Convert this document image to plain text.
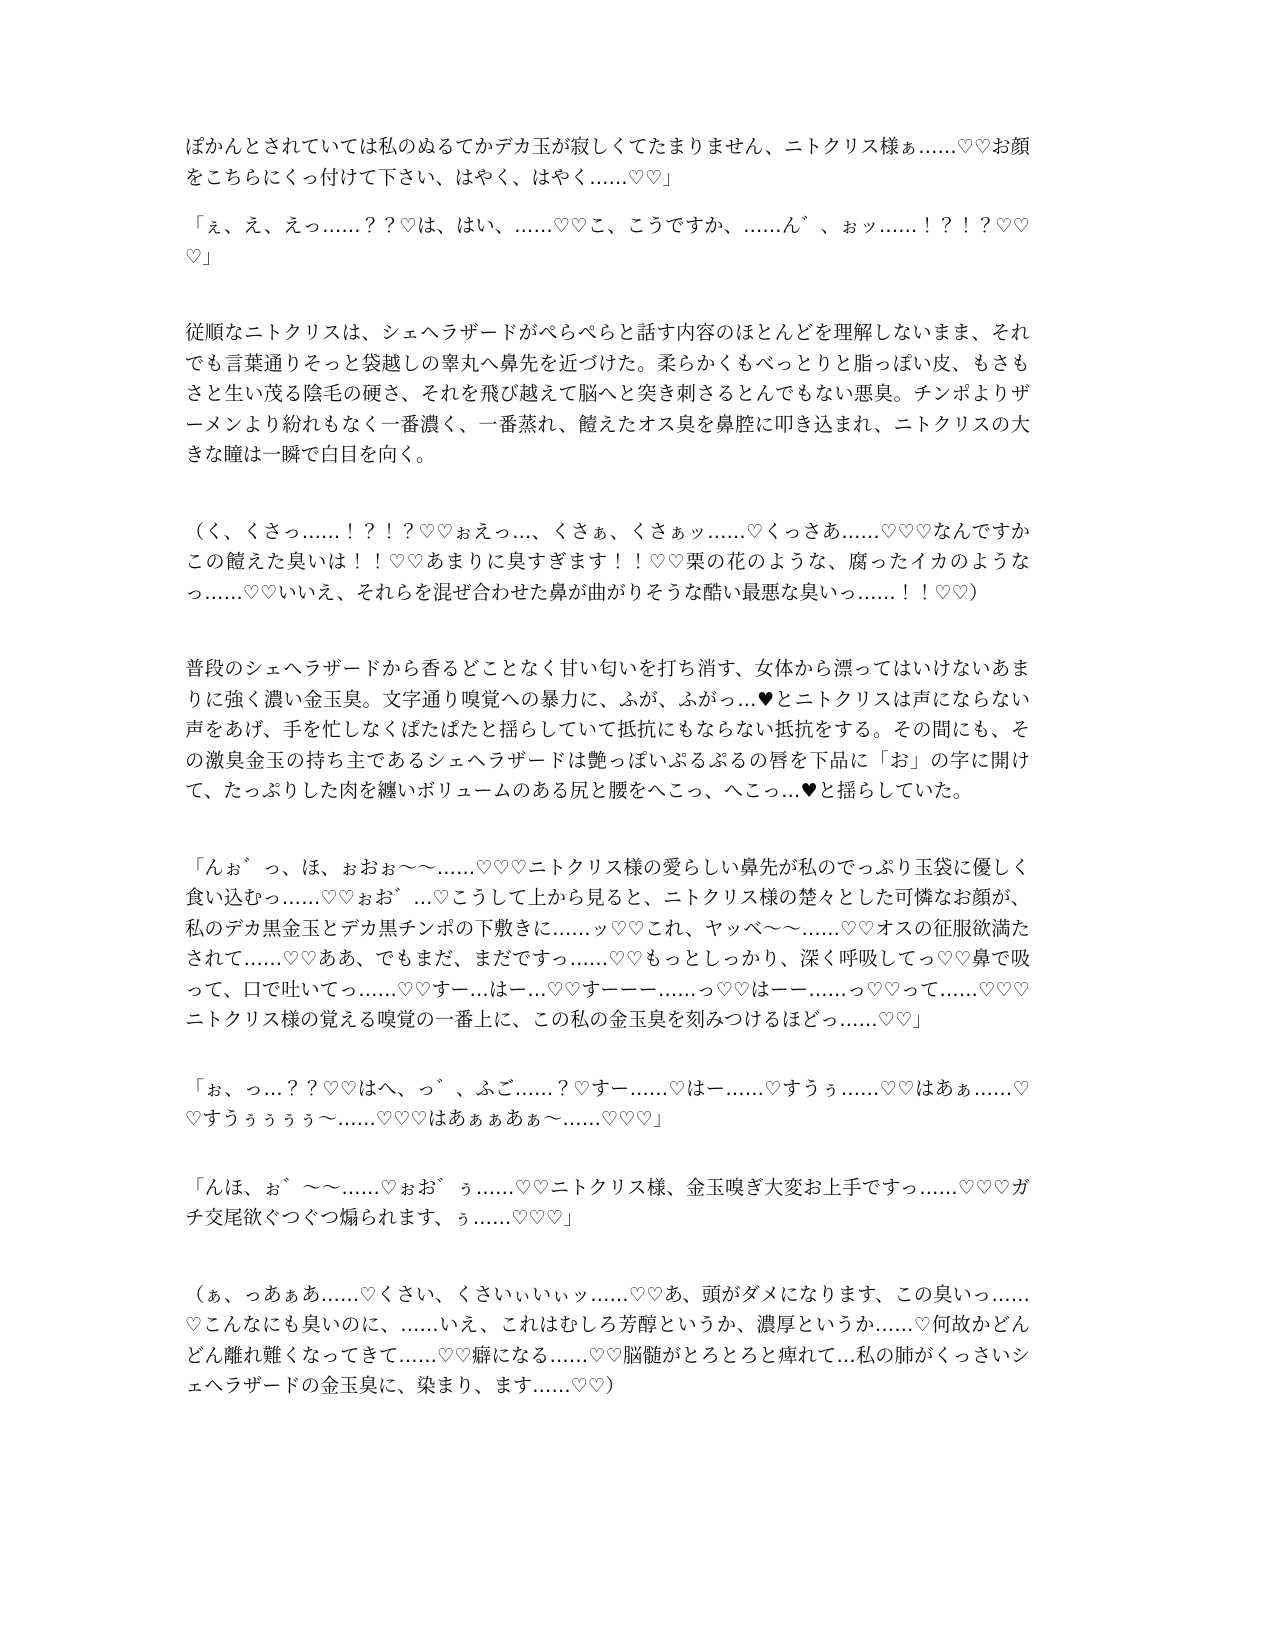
ぽかんとされていては私のぬるてかデカ玉が寂しくてたまりません、ニトクリス様ぁ……♡♡お顔をこちらにくっ付けて下さい、はやく、はやく……♡♡」

「ぇ、え、えっ……？？♡は、はい、……♡♡こ、こうですか、……ん゛、ぉッ……！？！？♡♡♡」

従順なニトクリスは、シェヘラザードがぺらぺらと話す内容のほとんどを理解しないまま、それでも言葉通りそっと袋越しの睾丸へ鼻先を近づけた。柔らかくもべっとりと脂っぽい皮、もさもさと生い茂る陰毛の硬さ、それを飛び越えて脳へと突き刺さるとんでもない悪臭。チンポよりザーメンより紛れもなく一番濃く、一番蒸れ、饐えたオス臭を鼻腔に叩き込まれ、ニトクリスの大きな瞳は一瞬で白目を向く。

（く、くさっ……！？！？♡♡ぉえっ…、くさぁ、くさぁッ……♡くっさあ……♡♡♡なんですかこの饐えた臭いは！！♡♡あまりに臭すぎます！！♡♡栗の花のような、腐ったイカのようなっ……♡♡いいえ、それらを混ぜ合わせた鼻が曲がりそうな酷い最悪な臭いっ……！！♡♡）

普段のシェヘラザードから香るどことなく甘い匂いを打ち消す、女体から漂ってはいけないあまりに強く濃い金玉臭。文字通り嗅覚への暴力に、ふが、ふがっ…♥とニトクリスは声にならない声をあげ、手を忙しなくぱたぱたと揺らしていて抵抗にもならない抵抗をする。その間にも、その激臭金玉の持ち主であるシェヘラザードは艶っぽいぷるぷるの唇を下品に「お」の字に開けて、たっぷりした肉を纏いボリュームのある尻と腰をへこっ、へこっ…♥と揺らしていた。

「んぉ゛っ、ほ、ぉおぉ～～……♡♡♡ニトクリス様の愛らしい鼻先が私のでっぷり玉袋に優しく食い込むっ……♡♡ぉお゛…♡こうして上から見ると、ニトクリス様の楚々とした可憐なお顔が、私のデカ黒金玉とデカ黒チンポの下敷きに……ッ♡♡これ、ヤッベ～～……♡♡オスの征服欲満たされて……♡♡ああ、でもまだ、まだですっ……♡♡もっとしっかり、深く呼吸してっ♡♡鼻で吸って、口で吐いてっ……♡♡すー…はー…♡♡すーーー……っ♡♡はーー……っ♡♡って……♡♡♡ニトクリス様の覚える嗅覚の一番上に、この私の金玉臭を刻みつけるほどっ……♡♡」

「ぉ、っ…？？♡♡はへ、っ゛、ふご……？♡すー……♡はー……♡すうぅ……♡♡はあぁ……♡♡すうぅぅぅぅ～……♡♡♡はあぁぁあぁ～……♡♡♡」

「んほ、ぉ゛～～……♡ぉお゛ぅ……♡♡ニトクリス様、金玉嗅ぎ大変お上手ですっ……♡♡♡ガチ交尾欲ぐつぐつ煽られます、ぅ……♡♡♡」

（ぁ、っあぁあ……♡くさい、くさいぃいぃッ……♡♡あ、頭がダメになります、この臭いっ……♡こんなにも臭いのに、……いえ、これはむしろ芳醇というか、濃厚というか……♡何故かどんどん離れ難くなってきて……♡♡癖になる……♡♡脳髄がとろとろと痺れて…私の肺がくっさいシェヘラザードの金玉臭に、染まり、ます……♡♡）
